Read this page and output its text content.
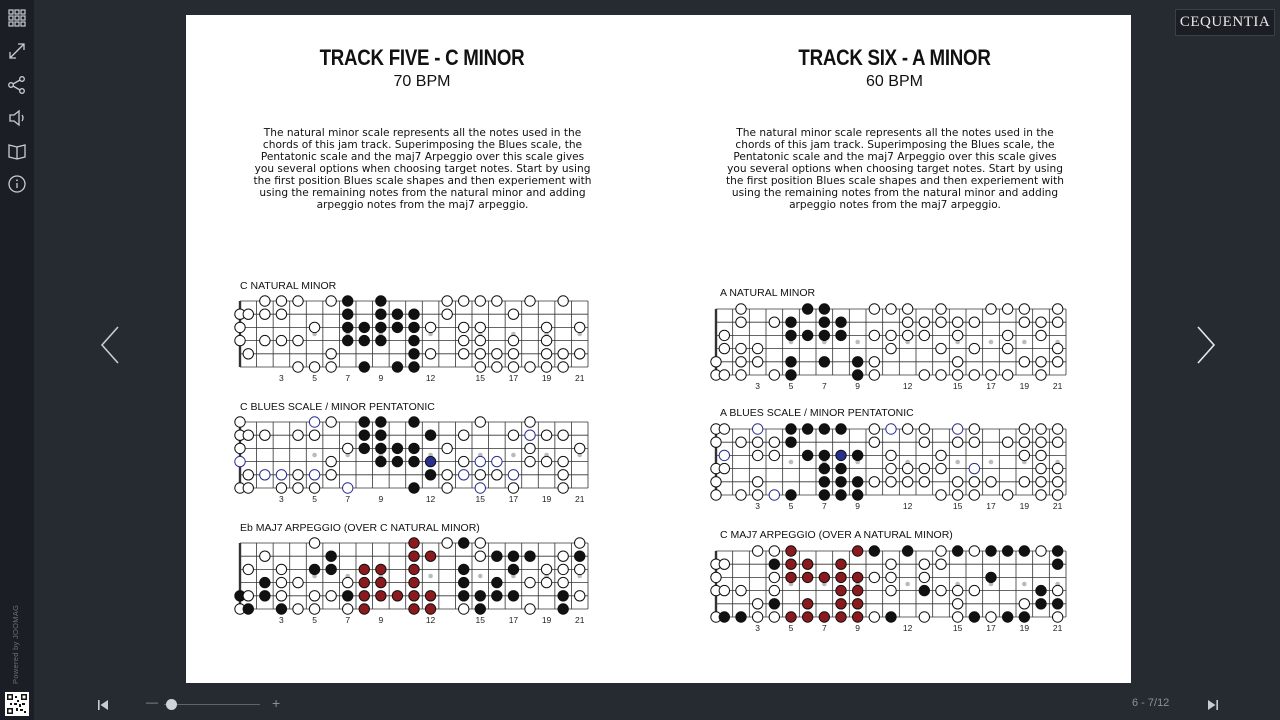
Powered by JOOMAG
CEQUENTIA
TRACK FIVE - C MINOR
70 BPM
The natural minor scale represents all the notes used in the chords of this jam track. Superimposing the Blues scale, the Pentatonic scale and the maj7 Arpeggio over this scale gives you several options when choosing target notes. Start by using the first position Blues scale shapes and then experiement with using the remaining notes from the natural minor and adding arpeggio notes from the maj7 arpeggio.
C NATURAL MINOR
3	5	7	9	12	15	17	19	21
C BLUES SCALE / MINOR PENTATONIC
3	5	7	9	12	15	17	19	21
Eb MAJ7 ARPEGGIO (OVER C NATURAL MINOR)
3	5	7	9	12	15	17	19	21
TRACK SIX - A MINOR
60 BPM
The natural minor scale represents all the notes used in the chords of this jam track. Superimposing the Blues scale, the Pentatonic scale and the maj7 Arpeggio over this scale gives you several options when choosing target notes. Start by using the first position Blues scale shapes and then experiement with using the remaining notes from the natural minor and adding arpeggio notes from the maj7 arpeggio.
A NATURAL MINOR
3	5	7	9	12	15	17	19	21
A BLUES SCALE / MINOR PENTATONIC
3	5	7	9	12	15	17	19	21
C MAJ7 ARPEGGIO (OVER A NATURAL MINOR)
3	5	7	9	12	15	17	19	21
—	+	6 - 7/12
